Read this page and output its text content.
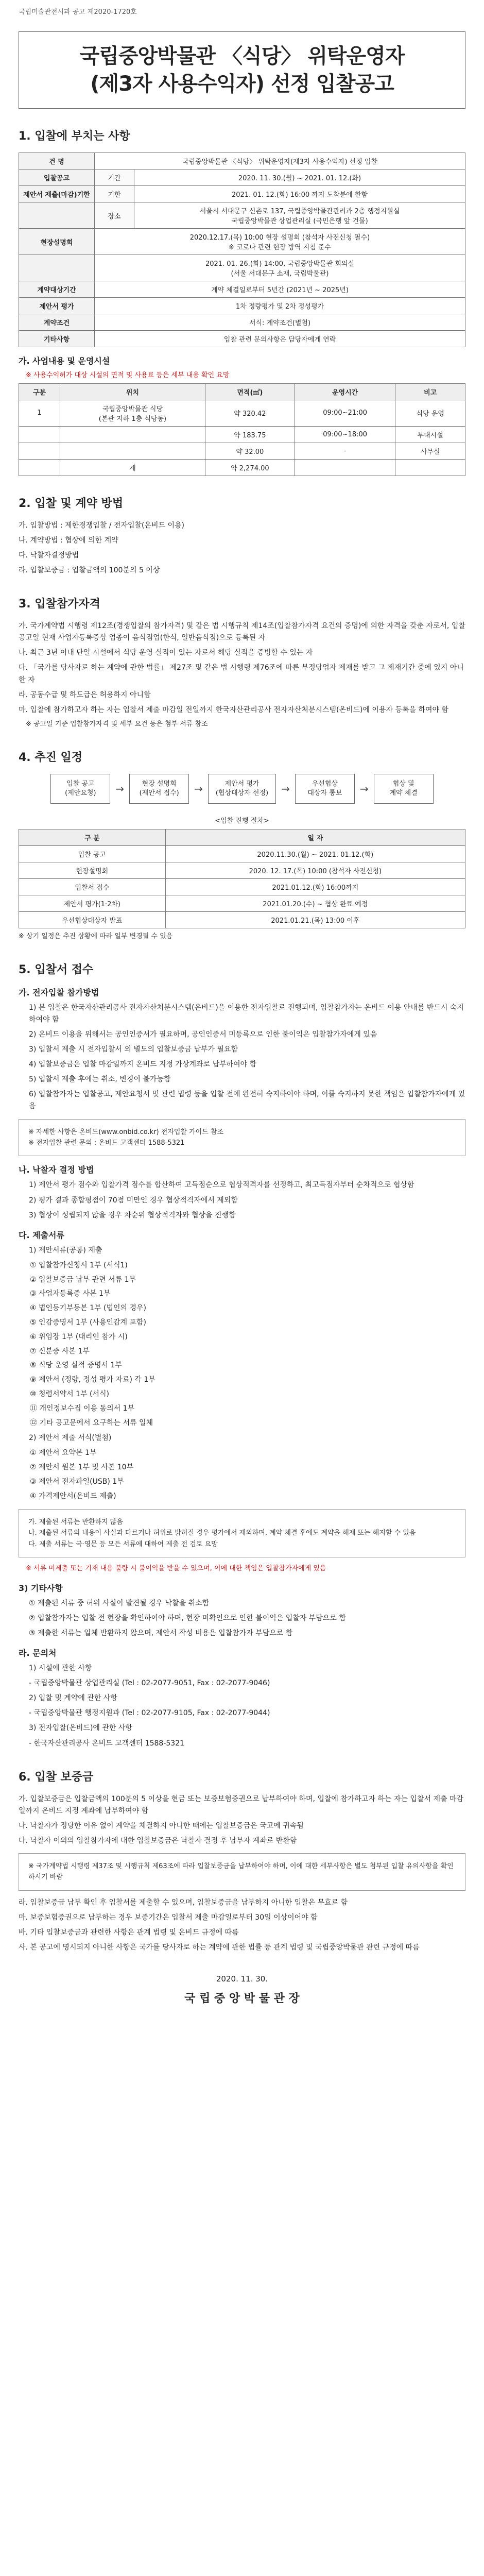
국립미술관전시과 공고 제2020-1720호
국립중앙박물관 〈식당〉 위탁운영자
(제3자 사용수익자) 선정 입찰공고
1. 입찰에 부치는 사항
건 명	국립중앙박물관 〈식당〉 위탁운영자(제3자 사용수익자) 선정 입찰	
입찰공고	기간	2020. 11. 30.(월) ~ 2021. 01. 12.(화)
제안서 제출(마감)기한	기한	2021. 01. 12.(화) 16:00 까지 도착분에 한함
	장소	서울시 서대문구 신촌로 137, 국립중앙박물관관리과 2층 행정지원실
국립중앙박물관 상업관리실 (국민은행 앞 건물)
현장설명회	2020.12.17.(목) 10:00 현장 설명회 (참석자 사전신청 필수)
※ 코로나 관련 현장 방역 지침 준수	
	2021. 01. 26.(화) 14:00, 국립중앙박물관 회의실
(서울 서대문구 소재, 국립박물관)	
계약대상기간	계약 체결일로부터 5년간 (2021년 ~ 2025년)	
제안서 평가	1차 정량평가 및 2차 정성평가	
계약조건	서식: 계약조건(별첨)	
기타사항	입찰 관련 문의사항은 담당자에게 연락	
가. 사업내용 및 운영시설
※ 사용수익허가 대상 시설의 면적 및 사용료 등은 세부 내용 확인 요망
구분	위치	면적(㎡)	운영시간	비고
1	국립중앙박물관 식당
(본관 지하 1층 식당동)	약 320.42	09:00~21:00	식당 운영
		약 183.75	09:00~18:00	부대시설
		약 32.00	-	사무실
	계	약 2,274.00		
2. 입찰 및 계약 방법
가. 입찰방법 : 제한경쟁입찰 / 전자입찰(온비드 이용)
나. 계약방법 : 협상에 의한 계약
다. 낙찰자결정방법
라. 입찰보증금 : 입찰금액의 100분의 5 이상
3. 입찰참가자격
가. 국가계약법 시행령 제12조(경쟁입찰의 참가자격) 및 같은 법 시행규칙 제14조(입찰참가자격 요건의 증명)에 의한 자격을 갖춘 자로서, 입찰공고일 현재 사업자등록증상 업종이 음식점업(한식, 일반음식점)으로 등록된 자
나. 최근 3년 이내 단일 시설에서 식당 운영 실적이 있는 자로서 해당 실적을 증빙할 수 있는 자
다. 「국가를 당사자로 하는 계약에 관한 법률」 제27조 및 같은 법 시행령 제76조에 따른 부정당업자 제재를 받고 그 제재기간 중에 있지 아니한 자
라. 공동수급 및 하도급은 허용하지 아니함
마. 입찰에 참가하고자 하는 자는 입찰서 제출 마감일 전일까지 한국자산관리공사 전자자산처분시스템(온비드)에 이용자 등록을 하여야 함
※ 공고일 기준 입찰참가자격 및 세부 요건 등은 첨부 서류 참조
4. 추진 일정
입찰 공고
(제안요청)	→	현장 설명회
(제안서 접수)	→	제안서 평가
(협상대상자 선정)	→	우선협상
대상자 통보	→	협상 및
계약 체결
<입찰 진행 절차>
구 분	일 자
입찰 공고	2020.11.30.(월) ~ 2021. 01.12.(화)
현장설명회	2020. 12. 17.(목) 10:00 (참석자 사전신청)
입찰서 접수	2021.01.12.(화) 16:00까지
제안서 평가(1·2차)	2021.01.20.(수) ~ 협상 완료 예정
우선협상대상자 발표	2021.01.21.(목) 13:00 이후
※ 상기 일정은 추진 상황에 따라 일부 변경될 수 있음
5. 입찰서 접수
가. 전자입찰 참가방법
1) 본 입찰은 한국자산관리공사 전자자산처분시스템(온비드)을 이용한 전자입찰로 진행되며, 입찰참가자는 온비드 이용 안내를 반드시 숙지하여야 함
2) 온비드 이용을 위해서는 공인인증서가 필요하며, 공인인증서 미등록으로 인한 불이익은 입찰참가자에게 있음
3) 입찰서 제출 시 전자입찰서 외 별도의 입찰보증금 납부가 필요함
4) 입찰보증금은 입찰 마감일까지 온비드 지정 가상계좌로 납부하여야 함
5) 입찰서 제출 후에는 취소, 변경이 불가능함
6) 입찰참가자는 입찰공고, 제안요청서 및 관련 법령 등을 입찰 전에 완전히 숙지하여야 하며, 이를 숙지하지 못한 책임은 입찰참가자에게 있음
※ 자세한 사항은 온비드(www.onbid.co.kr) 전자입찰 가이드 참조
※ 전자입찰 관련 문의 : 온비드 고객센터 1588-5321
나. 낙찰자 결정 방법
1) 제안서 평가 점수와 입찰가격 점수를 합산하여 고득점순으로 협상적격자를 선정하고, 최고득점자부터 순차적으로 협상함
2) 평가 결과 종합평점이 70점 미만인 경우 협상적격자에서 제외함
3) 협상이 성립되지 않을 경우 차순위 협상적격자와 협상을 진행함
다. 제출서류
1) 제안서류(공통) 제출
① 입찰참가신청서 1부 (서식1)
② 입찰보증금 납부 관련 서류 1부
③ 사업자등록증 사본 1부
④ 법인등기부등본 1부 (법인의 경우)
⑤ 인감증명서 1부 (사용인감계 포함)
⑥ 위임장 1부 (대리인 참가 시)
⑦ 신분증 사본 1부
⑧ 식당 운영 실적 증명서 1부
⑨ 제안서 (정량, 정성 평가 자료) 각 1부
⑩ 청렴서약서 1부 (서식)
⑪ 개인정보수집 이용 동의서 1부
⑫ 기타 공고문에서 요구하는 서류 일체
2) 제안서 제출 서식(별첨)
① 제안서 요약본 1부
② 제안서 원본 1부 및 사본 10부
③ 제안서 전자파일(USB) 1부
④ 가격제안서(온비드 제출)
가. 제출된 서류는 반환하지 않음
나. 제출된 서류의 내용이 사실과 다르거나 허위로 밝혀질 경우 평가에서 제외하며, 계약 체결 후에도 계약을 해제 또는 해지할 수 있음
다. 제출 서류는 국·영문 등 모든 서류에 대하여 제출 전 검토 요망
※ 서류 미제출 또는 기재 내용 불량 시 불이익을 받을 수 있으며, 이에 대한 책임은 입찰참가자에게 있음
3) 기타사항
① 제출된 서류 중 허위 사실이 발견될 경우 낙찰을 취소함
② 입찰참가자는 입찰 전 현장을 확인하여야 하며, 현장 미확인으로 인한 불이익은 입찰자 부담으로 함
③ 제출한 서류는 일체 반환하지 않으며, 제안서 작성 비용은 입찰참가자 부담으로 함
라. 문의처
1) 시설에 관한 사항
- 국립중앙박물관 상업관리실 (Tel : 02-2077-9051, Fax : 02-2077-9046)
2) 입찰 및 계약에 관한 사항
- 국립중앙박물관 행정지원과 (Tel : 02-2077-9105, Fax : 02-2077-9044)
3) 전자입찰(온비드)에 관한 사항
- 한국자산관리공사 온비드 고객센터 1588-5321
6. 입찰 보증금
가. 입찰보증금은 입찰금액의 100분의 5 이상을 현금 또는 보증보험증권으로 납부하여야 하며, 입찰에 참가하고자 하는 자는 입찰서 제출 마감일까지 온비드 지정 계좌에 납부하여야 함
나. 낙찰자가 정당한 이유 없이 계약을 체결하지 아니한 때에는 입찰보증금은 국고에 귀속됨
다. 낙찰자 이외의 입찰참가자에 대한 입찰보증금은 낙찰자 결정 후 납부자 계좌로 반환함
※ 국가계약법 시행령 제37조 및 시행규칙 제63조에 따라 입찰보증금을 납부하여야 하며, 이에 대한 세부사항은 별도 첨부된 입찰 유의사항을 확인하시기 바람
라. 입찰보증금 납부 확인 후 입찰서를 제출할 수 있으며, 입찰보증금을 납부하지 아니한 입찰은 무효로 함
마. 보증보험증권으로 납부하는 경우 보증기간은 입찰서 제출 마감일로부터 30일 이상이어야 함
바. 기타 입찰보증금과 관련한 사항은 관계 법령 및 온비드 규정에 따름
사. 본 공고에 명시되지 아니한 사항은 국가를 당사자로 하는 계약에 관한 법률 등 관계 법령 및 국립중앙박물관 관련 규정에 따름
2020. 11. 30.
국 립 중 앙 박 물 관 장
